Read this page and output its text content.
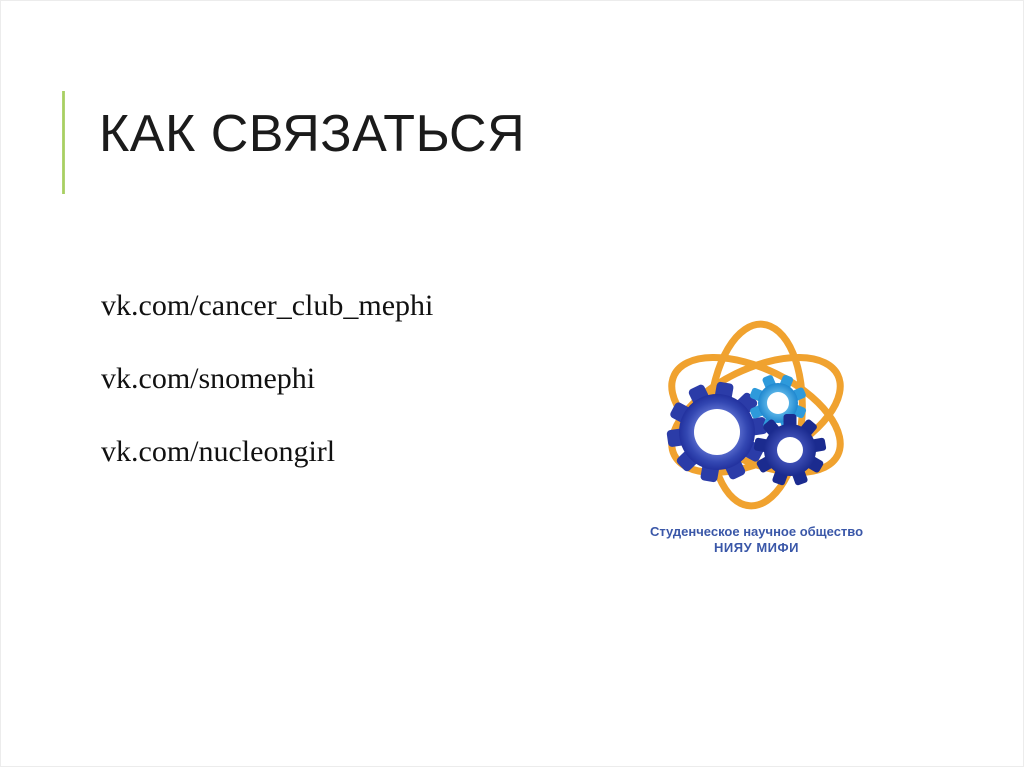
КАК СВЯЗАТЬСЯ
vk.com/cancer_club_mephi
vk.com/snomephi
vk.com/nucleongirl
Студенческое научное общество
НИЯУ МИФИ
